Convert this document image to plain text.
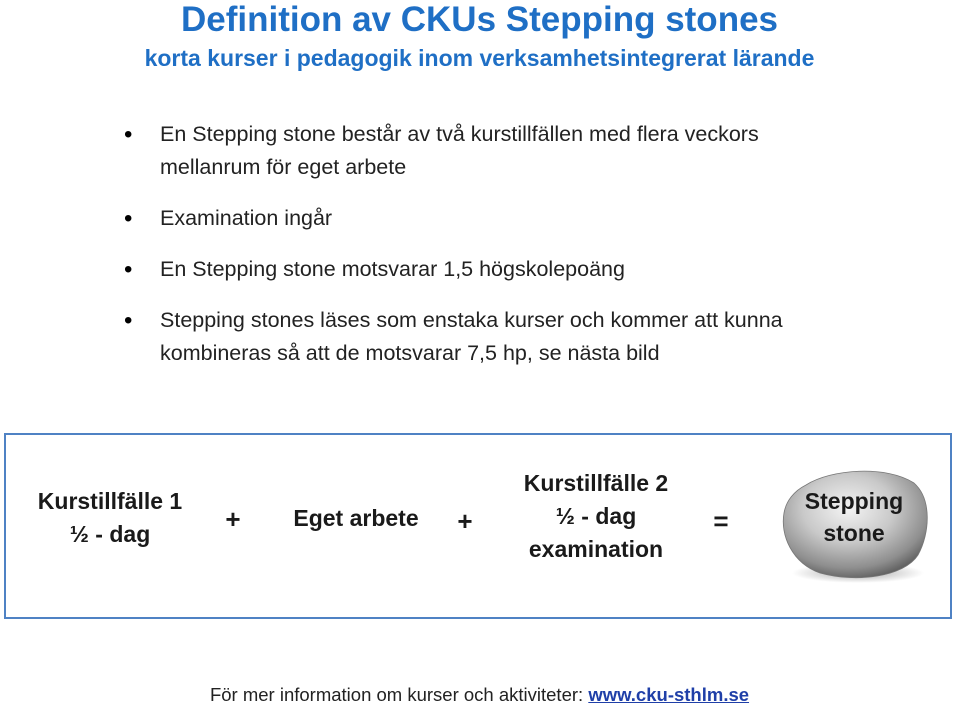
Definition av CKUs Stepping stones
korta kurser i pedagogik inom verksamhetsintegrerat lärande
• En Stepping stone består av två kurstillfällen med flera veckors
mellanrum för eget arbete
• Examination ingår
• En Stepping stone motsvarar 1,5 högskolepoäng
• Stepping stones läses som enstaka kurser och kommer att kunna
kombineras så att de motsvarar 7,5 hp, se nästa bild
Kurstillfälle 1
½ - dag	+	Eget arbete	+
Kurstillfälle 2
½ - dag
examination
=
Stepping
stone
För mer information om kurser och aktiviteter: www.cku-sthlm.se
